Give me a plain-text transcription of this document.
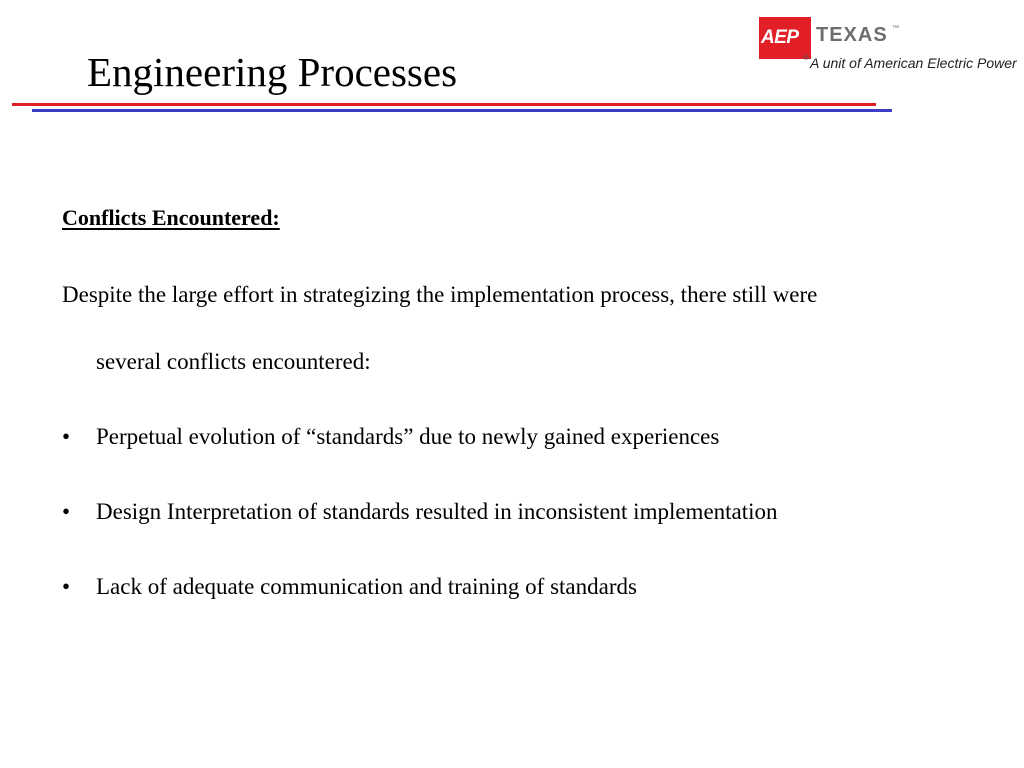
Engineering Processes
AEP
®
TEXAS ™
A unit of American Electric Power
Conflicts Encountered:
Despite the large effort in strategizing the implementation process, there still were
several conflicts encountered:
• Perpetual evolution of “standards” due to newly gained experiences
• Design Interpretation of standards resulted in inconsistent implementation
• Lack of adequate communication and training of standards
